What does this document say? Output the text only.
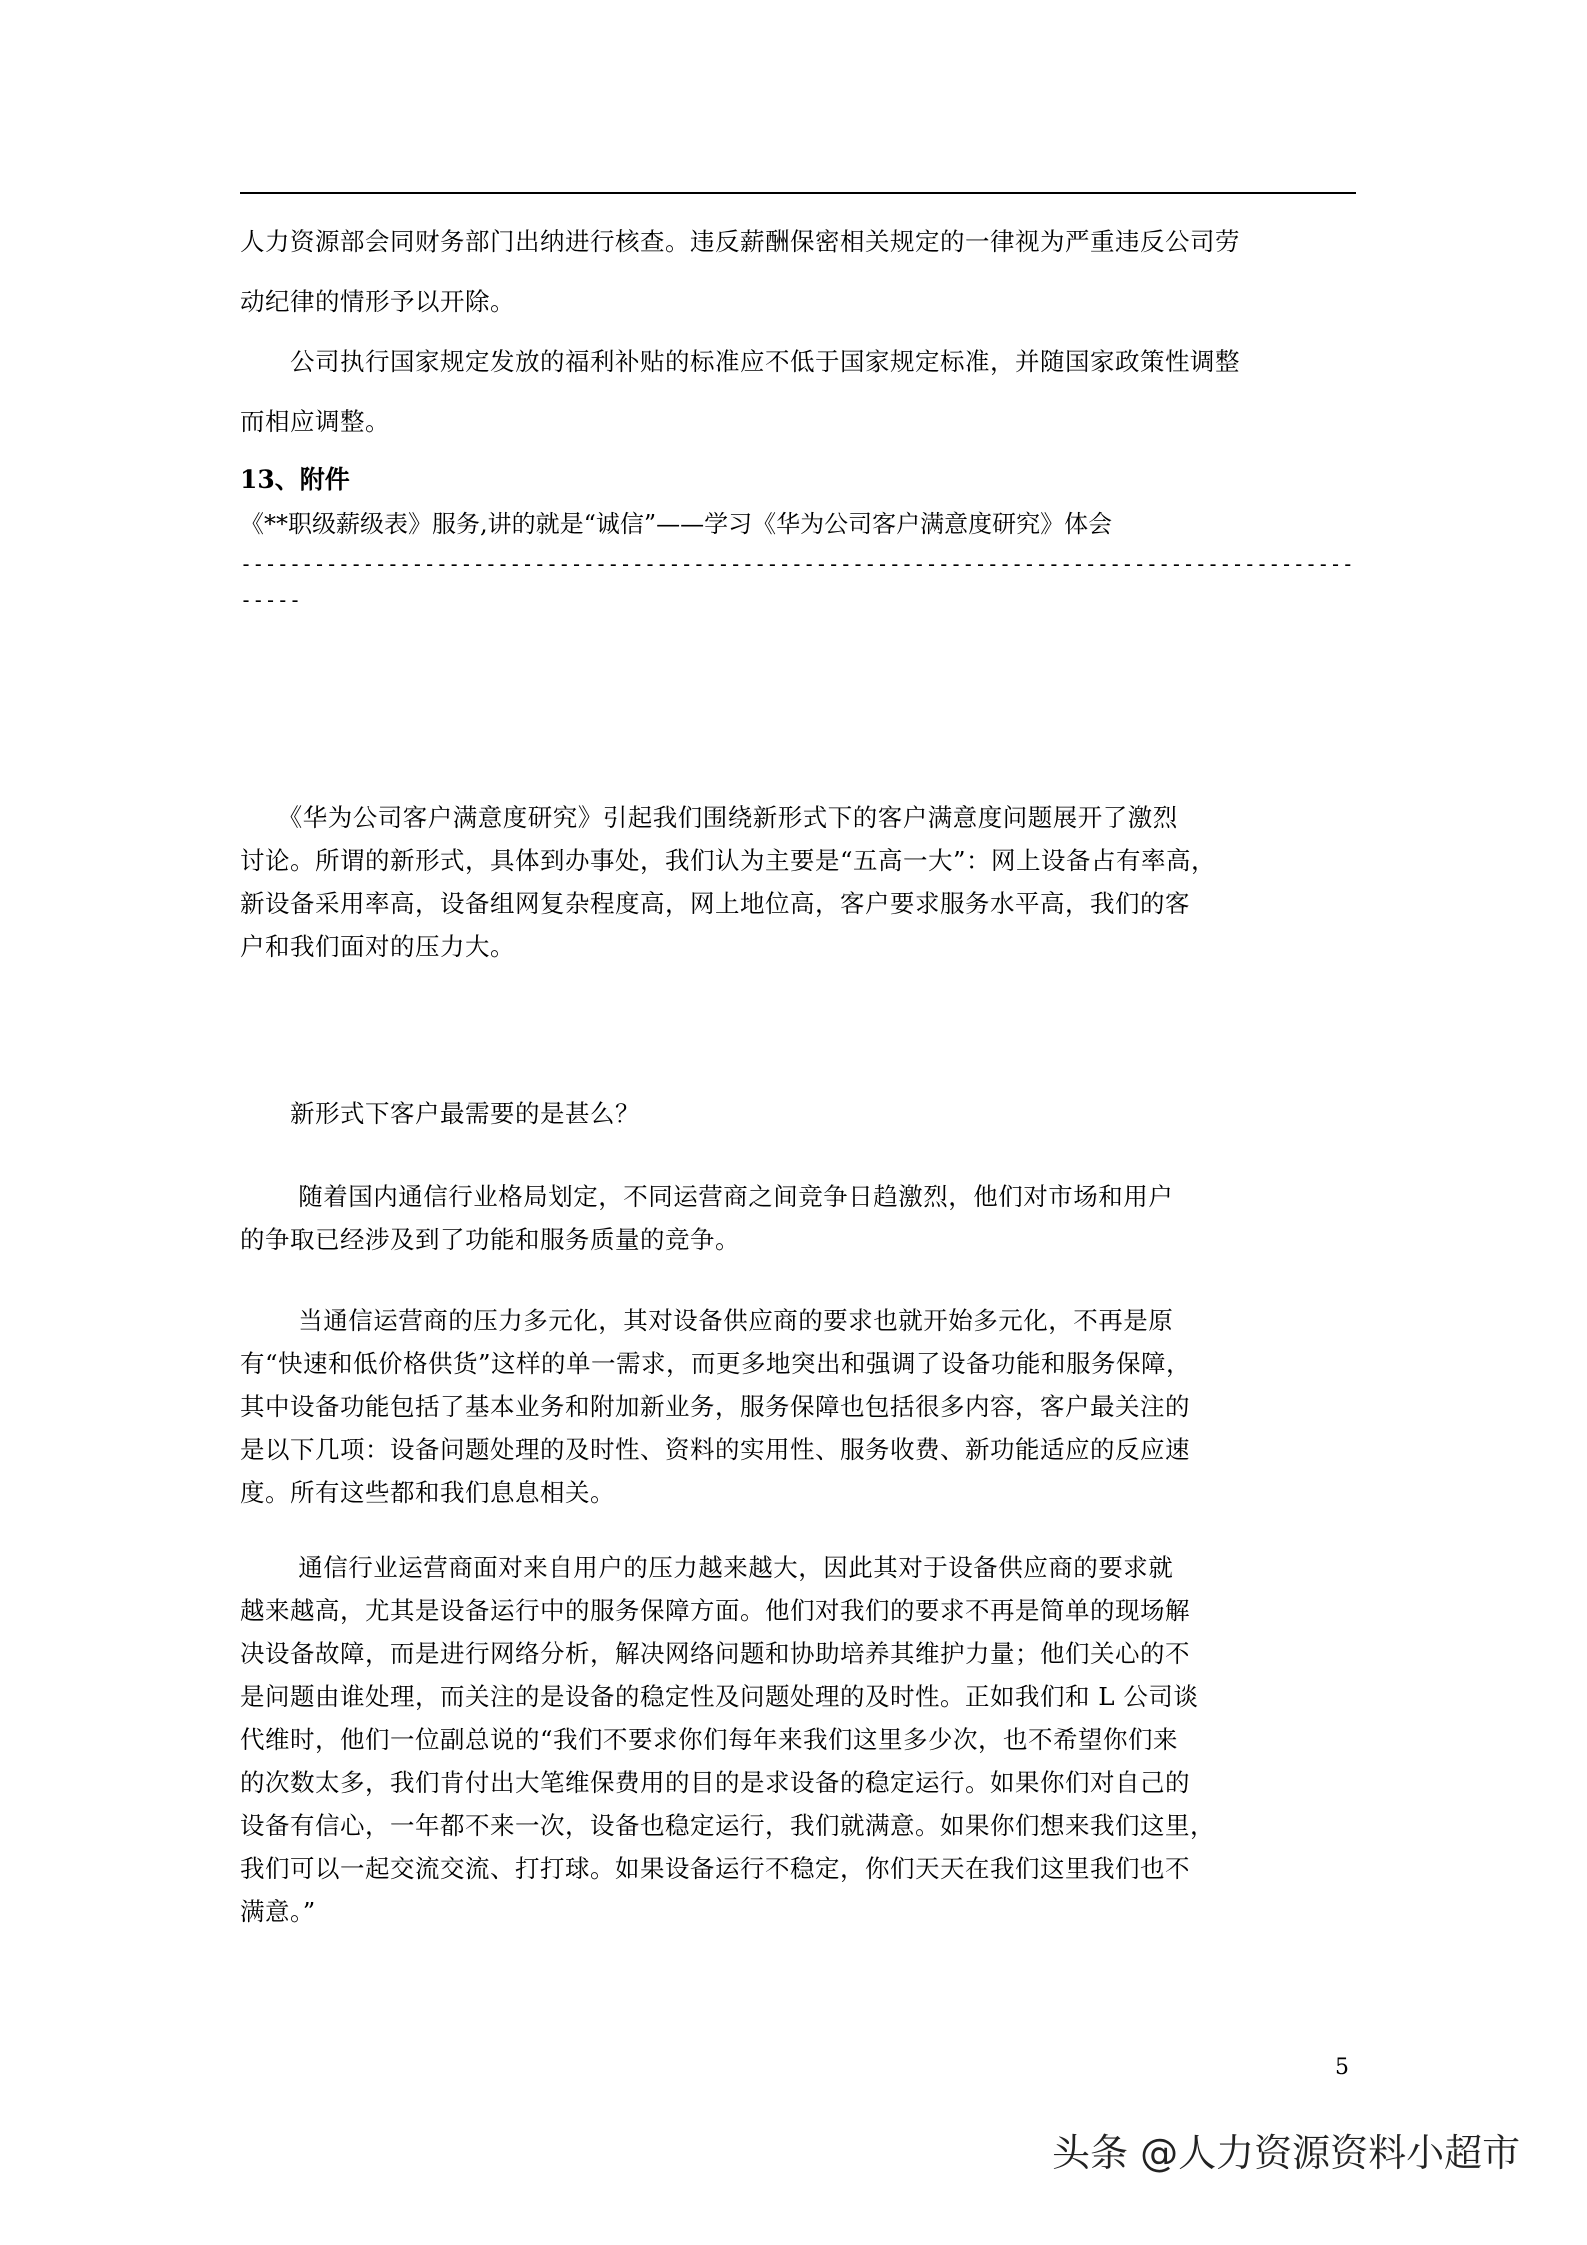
人力资源部会同财务部门出纳进行核查。违反薪酬保密相关规定的一律视为严重违反公司劳
动纪律的情形予以开除。
　　公司执行国家规定发放的福利补贴的标准应不低于国家规定标准，并随国家政策性调整
而相应调整。
13、附件
《**职级薪级表》服务,讲的就是“诚信”——学习《华为公司客户满意度研究》体会
-------------------------------------------------------------------------------------------
-----
　　《华为公司客户满意度研究》引起我们围绕新形式下的客户满意度问题展开了激烈
讨论。所谓的新形式，具体到办事处，我们认为主要是“五高一大”：网上设备占有率高，
新设备采用率高，设备组网复杂程度高，网上地位高，客户要求服务水平高，我们的客
户和我们面对的压力大。
　　新形式下客户最需要的是甚么？
　　 随着国内通信行业格局划定，不同运营商之间竞争日趋激烈，他们对市场和用户
的争取已经涉及到了功能和服务质量的竞争。
　　 当通信运营商的压力多元化，其对设备供应商的要求也就开始多元化，不再是原
有“快速和低价格供货”这样的单一需求，而更多地突出和强调了设备功能和服务保障，
其中设备功能包括了基本业务和附加新业务，服务保障也包括很多内容，客户最关注的
是以下几项：设备问题处理的及时性、资料的实用性、服务收费、新功能适应的反应速
度。所有这些都和我们息息相关。
　　 通信行业运营商面对来自用户的压力越来越大，因此其对于设备供应商的要求就
越来越高，尤其是设备运行中的服务保障方面。他们对我们的要求不再是简单的现场解
决设备故障，而是进行网络分析，解决网络问题和协助培养其维护力量；他们关心的不
是问题由谁处理，而关注的是设备的稳定性及问题处理的及时性。正如我们和 L 公司谈
代维时，他们一位副总说的“我们不要求你们每年来我们这里多少次，也不希望你们来
的次数太多，我们肯付出大笔维保费用的目的是求设备的稳定运行。如果你们对自己的
设备有信心，一年都不来一次，设备也稳定运行，我们就满意。如果你们想来我们这里，
我们可以一起交流交流、打打球。如果设备运行不稳定，你们天天在我们这里我们也不
满意。”
5
头条 @人力资源资料小超市
